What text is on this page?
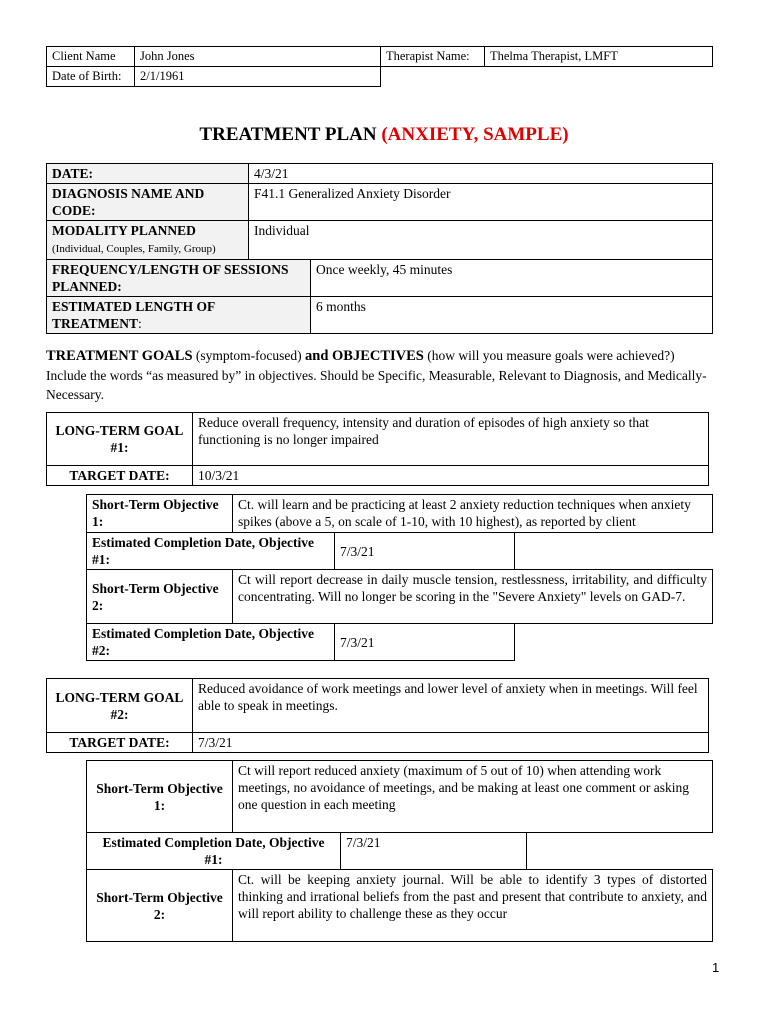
Client Name	John Jones	Therapist Name:	Thelma Therapist, LMFT
Date of Birth:	2/1/1961		
TREATMENT PLAN (ANXIETY, SAMPLE)
DATE:	4/3/21	
DIAGNOSIS NAME AND CODE:	F41.1 Generalized Anxiety Disorder	
MODALITY PLANNED
(Individual, Couples, Family, Group)	Individual	
FREQUENCY/LENGTH OF SESSIONS PLANNED:		Once weekly, 45 minutes
ESTIMATED LENGTH OF TREATMENT:		6 months
TREATMENT GOALS (symptom-focused) and OBJECTIVES (how will you measure goals were achieved?)
Include the words “as measured by” in objectives. Should be Specific, Measurable, Relevant to Diagnosis, and Medically-Necessary.
LONG-TERM GOAL #1:	Reduce overall frequency, intensity and duration of episodes of high anxiety so that functioning is no longer impaired
TARGET DATE:	10/3/21
Short-Term Objective 1:	Ct. will learn and be practicing at least 2 anxiety reduction techniques when anxiety spikes (above a 5, on scale of 1-10, with 10 highest), as reported by client		
Estimated Completion Date, Objective #1:		7/3/21	
Short-Term Objective 2:	Ct will report decrease in daily muscle tension, restlessness, irritability, and difficulty concentrating. Will no longer be scoring in the "Severe Anxiety" levels on GAD-7.		
Estimated Completion Date, Objective #2:		7/3/21	
LONG-TERM GOAL #2:	Reduced avoidance of work meetings and lower level of anxiety when in meetings. Will feel able to speak in meetings.
TARGET DATE:	7/3/21
Short-Term Objective 1:	Ct will report reduced anxiety (maximum of 5 out of 10) when attending work meetings, no avoidance of meetings, and be making at least one comment or asking one question in each meeting		
Estimated Completion Date, Objective #1:		7/3/21	
Short-Term Objective 2:	Ct. will be keeping anxiety journal. Will be able to identify 3 types of distorted thinking and irrational beliefs from the past and present that contribute to anxiety, and will report ability to challenge these as they occur		
1
